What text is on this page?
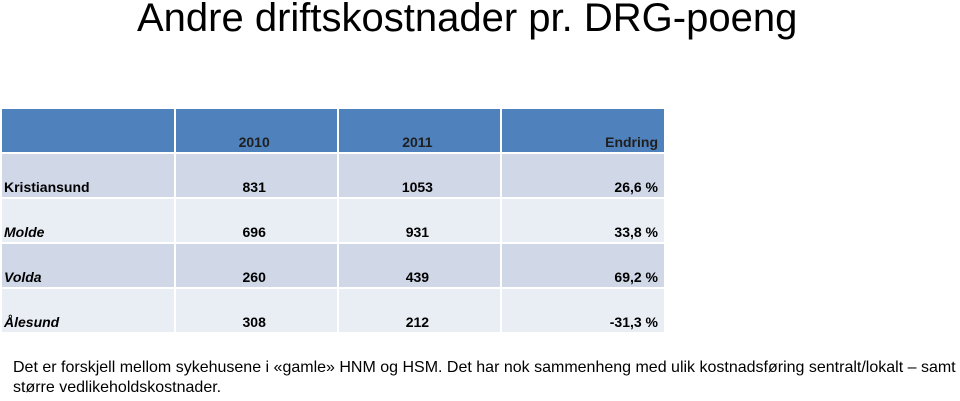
Andre driftskostnader pr. DRG-poeng
	2010	2011	Endring
Kristiansund	831	1053	26,6 %
Molde	696	931	33,8 %
Volda	260	439	69,2 %
Ålesund	308	212	-31,3 %
Det er forskjell mellom sykehusene i «gamle» HNM og HSM. Det har nok sammenheng med ulik kostnadsføring sentralt/lokalt – samt større vedlikeholdskostnader.
